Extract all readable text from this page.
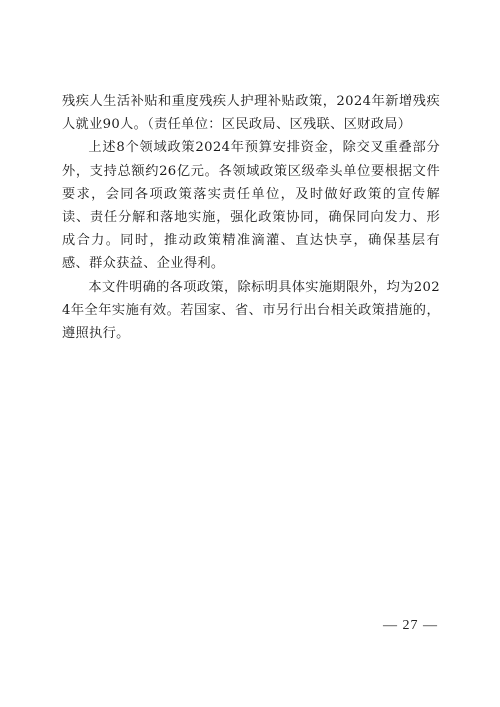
残疾人生活补贴和重度残疾人护理补贴政策，2024年新增残疾人就业90人。（责任单位：区民政局、区残联、区财政局）

上述8个领域政策2024年预算安排资金，除交叉重叠部分外，支持总额约26亿元。各领域政策区级牵头单位要根据文件要求，会同各项政策落实责任单位，及时做好政策的宣传解读、责任分解和落地实施，强化政策协同，确保同向发力、形成合力。同时，推动政策精准滴灌、直达快享，确保基层有感、群众获益、企业得利。

本文件明确的各项政策，除标明具体实施期限外，均为2024年全年实施有效。若国家、省、市另行出台相关政策措施的，遵照执行。

— 27 —
